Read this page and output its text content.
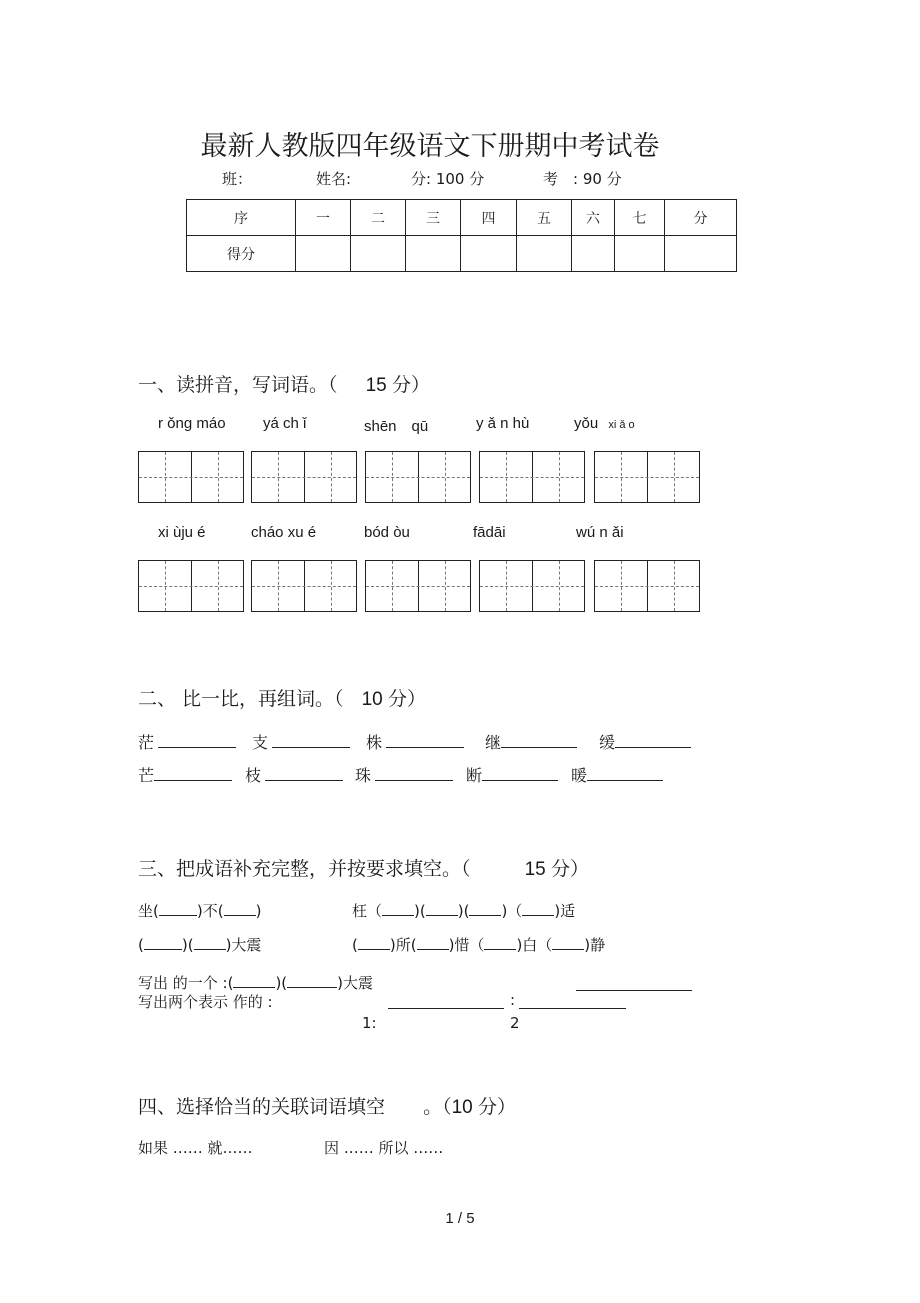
最新人教版四年级语文下册期中考试卷
班：	姓名:	分: 100 分	考　: 90 分
序	一	二	三	四	五	六	七	分
得分								
一、读拼音，写词语。（ 15 分）
r ǒng máo yá ch ǐ	shēn　qū	y ǎ n hù	yǒu xi ǎ o
xi ùju é	cháo xu é	bód òu	fādāi	wú n ǎi
二、 比一比，再组词。（ 10 分）
茫	支	株	继	缓
芒	枝	珠	断	暖
三、把成语补充完整，并按要求填空。（	15 分）
坐(	)不( )	枉（ )( )( )（ )适
(	)( )大震	( )所( )惜（ )白（ )静
写出 的一个 :(	)(	)大震
写出两个表示 作的 :	:
1:	2
四、选择恰当的关联词语填空 。（10 分）
如果 …… 就……	因 …… 所以 ……
1 / 5
